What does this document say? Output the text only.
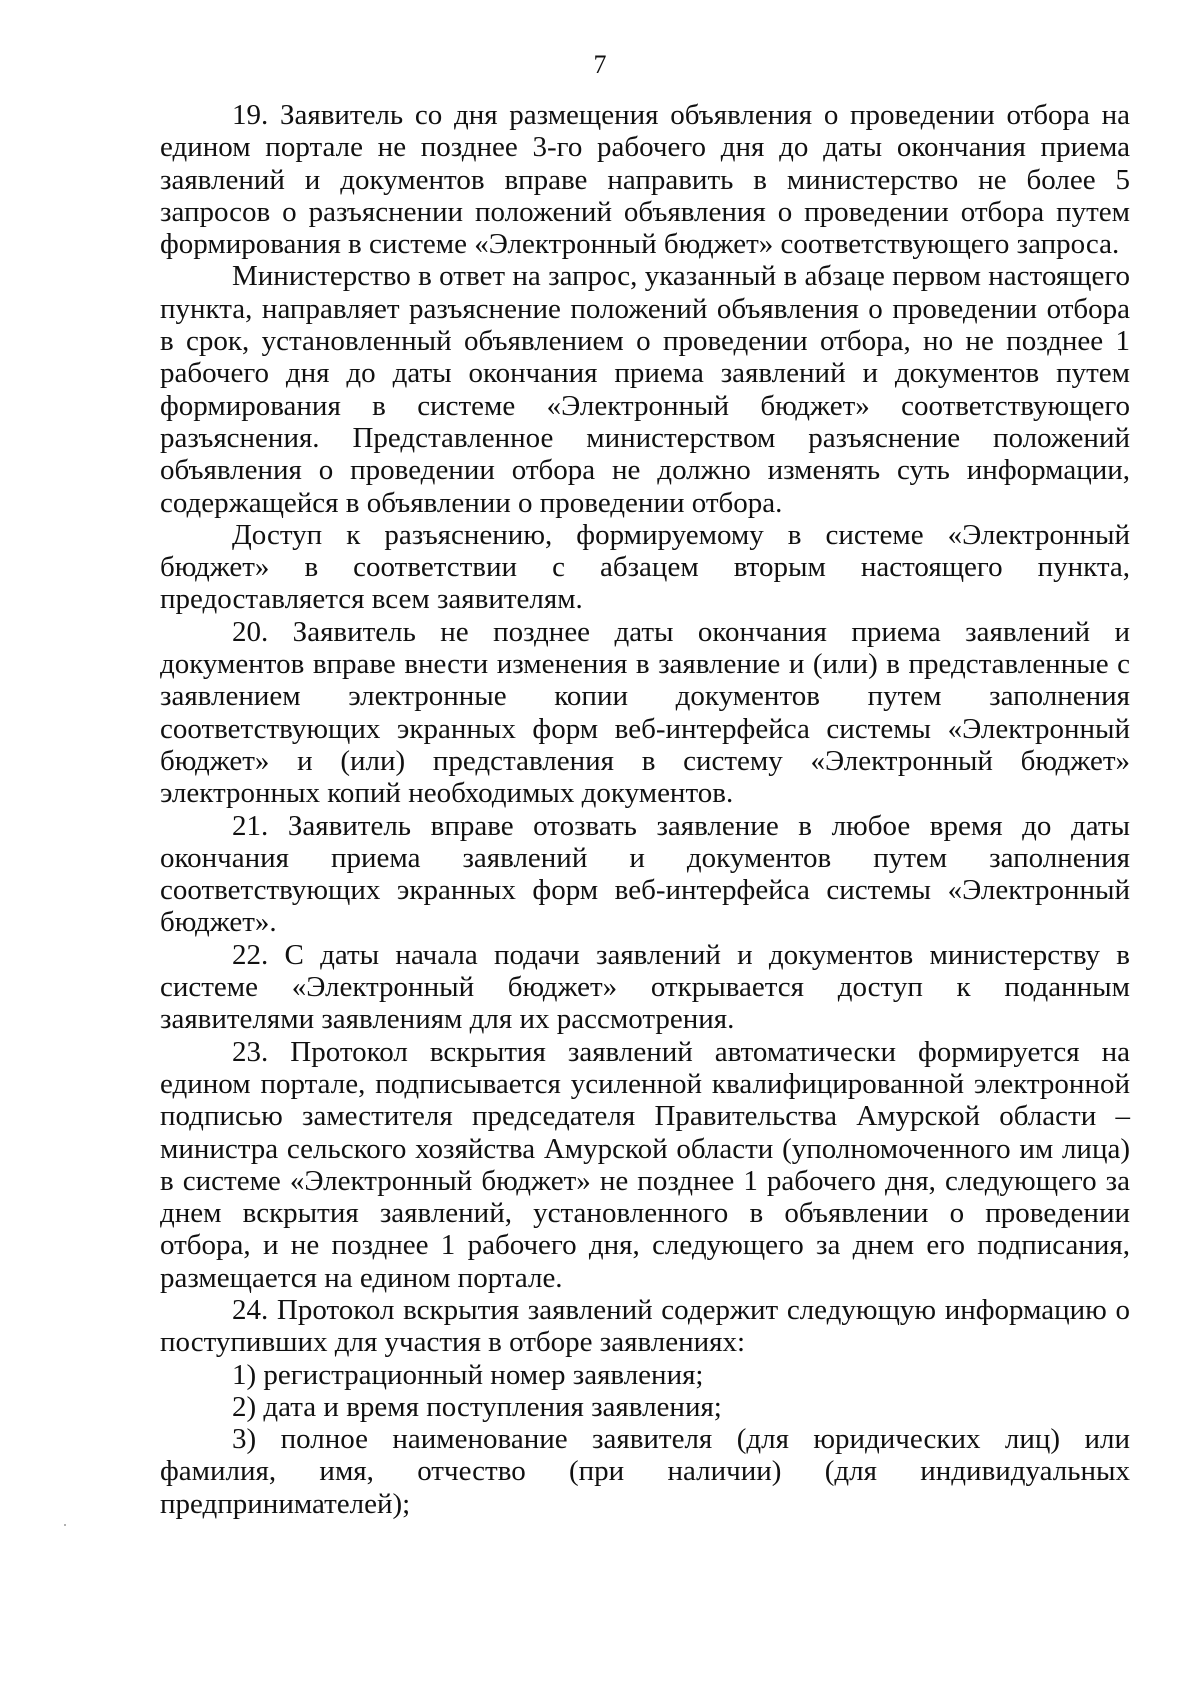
7

19. Заявитель со дня размещения объявления о проведении отбора на едином портале не позднее 3-го рабочего дня до даты окончания приема заявлений и документов вправе направить в министерство не более 5 запросов о разъяснении положений объявления о проведении отбора путем формирования в системе «Электронный бюджет» соответствующего запроса.

Министерство в ответ на запрос, указанный в абзаце первом настоящего пункта, направляет разъяснение положений объявления о проведении отбора в срок, установленный объявлением о проведении отбора, но не позднее 1 рабочего дня до даты окончания приема заявлений и документов путем формирования в системе «Электронный бюджет» соответствующего разъяснения. Представленное министерством разъяснение положений объявления о проведении отбора не должно изменять суть информации, содержащейся в объявлении о проведении отбора.

Доступ к разъяснению, формируемому в системе «Электронный бюджет» в соответствии с абзацем вторым настоящего пункта, предоставляется всем заявителям.

20. Заявитель не позднее даты окончания приема заявлений и документов вправе внести изменения в заявление и (или) в представленные с заявлением электронные копии документов путем заполнения соответствующих экранных форм веб-интерфейса системы «Электронный бюджет» и (или) представления в систему «Электронный бюджет» электронных копий необходимых документов.

21. Заявитель вправе отозвать заявление в любое время до даты окончания приема заявлений и документов путем заполнения соответствующих экранных форм веб-интерфейса системы «Электронный бюджет».

22. С даты начала подачи заявлений и документов министерству в системе «Электронный бюджет» открывается доступ к поданным заявителями заявлениям для их рассмотрения.

23. Протокол вскрытия заявлений автоматически формируется на едином портале, подписывается усиленной квалифицированной электронной подписью заместителя председателя Правительства Амурской области – министра сельского хозяйства Амурской области (уполномоченного им лица) в системе «Электронный бюджет» не позднее 1 рабочего дня, следующего за днем вскрытия заявлений, установленного в объявлении о проведении отбора, и не позднее 1 рабочего дня, следующего за днем его подписания, размещается на едином портале.

24. Протокол вскрытия заявлений содержит следующую информацию о поступивших для участия в отборе заявлениях:

1) регистрационный номер заявления;

2) дата и время поступления заявления;

3) полное наименование заявителя (для юридических лиц) или фамилия, имя, отчество (при наличии) (для индивидуальных предпринимателей);
